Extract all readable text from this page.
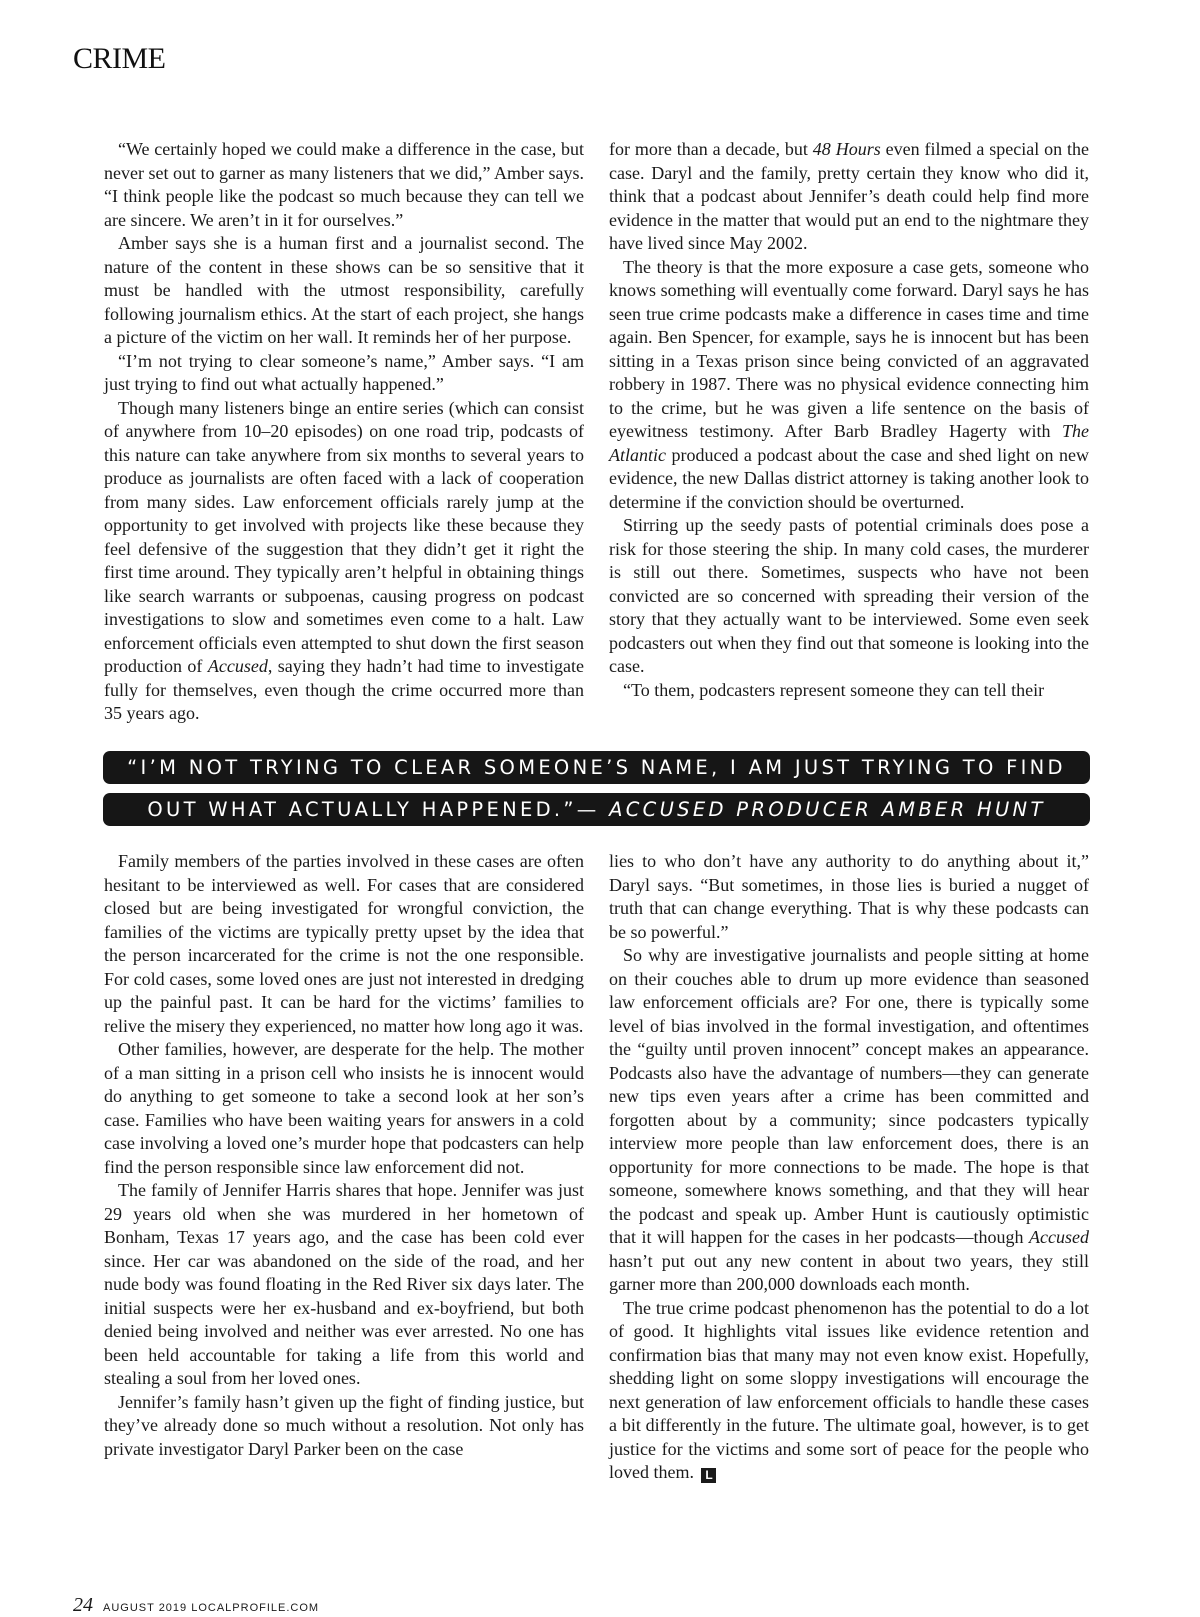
CRIME

“We certainly hoped we could make a difference in the case, but never set out to garner as many listeners that we did,” Amber says. “I think people like the podcast so much because they can tell we are sincere. We aren’t in it for ourselves.”

Amber says she is a human first and a journalist second. The nature of the content in these shows can be so sensitive that it must be handled with the utmost responsibility, carefully following journalism ethics. At the start of each project, she hangs a picture of the victim on her wall. It reminds her of her purpose.

“I’m not trying to clear someone’s name,” Amber says. “I am just trying to find out what actually happened.”

Though many listeners binge an entire series (which can consist of anywhere from 10–20 episodes) on one road trip, podcasts of this nature can take anywhere from six months to several years to produce as journalists are often faced with a lack of cooperation from many sides. Law enforcement officials rarely jump at the opportunity to get involved with projects like these because they feel defensive of the suggestion that they didn’t get it right the first time around. They typically aren’t helpful in obtaining things like search warrants or subpoenas, causing progress on podcast investigations to slow and sometimes even come to a halt. Law enforcement officials even attempted to shut down the first season production of Accused, saying they hadn’t had time to investigate fully for themselves, even though the crime occurred more than 35 years ago.

for more than a decade, but 48 Hours even filmed a special on the case. Daryl and the family, pretty certain they know who did it, think that a podcast about Jennifer’s death could help find more evidence in the matter that would put an end to the nightmare they have lived since May 2002.

The theory is that the more exposure a case gets, someone who knows something will eventually come forward. Daryl says he has seen true crime podcasts make a difference in cases time and time again. Ben Spencer, for example, says he is innocent but has been sitting in a Texas prison since being convicted of an aggravated robbery in 1987. There was no physical evidence connecting him to the crime, but he was given a life sentence on the basis of eyewitness testimony. After Barb Bradley Hagerty with The Atlantic produced a podcast about the case and shed light on new evidence, the new Dallas district attorney is taking another look to determine if the conviction should be overturned.

Stirring up the seedy pasts of potential criminals does pose a risk for those steering the ship. In many cold cases, the murderer is still out there. Sometimes, suspects who have not been convicted are so concerned with spreading their version of the story that they actually want to be interviewed. Some even seek podcasters out when they find out that someone is looking into the case.

“To them, podcasters represent someone they can tell their

“I’M NOT TRYING TO CLEAR SOMEONE’S NAME, I AM JUST TRYING TO FIND
OUT WHAT ACTUALLY HAPPENED.”— ACCUSED PRODUCER AMBER HUNT

Family members of the parties involved in these cases are often hesitant to be interviewed as well. For cases that are considered closed but are being investigated for wrongful conviction, the families of the victims are typically pretty upset by the idea that the person incarcerated for the crime is not the one responsible. For cold cases, some loved ones are just not interested in dredging up the painful past. It can be hard for the victims’ families to relive the misery they experienced, no matter how long ago it was.

Other families, however, are desperate for the help. The mother of a man sitting in a prison cell who insists he is innocent would do anything to get someone to take a second look at her son’s case. Families who have been waiting years for answers in a cold case involving a loved one’s murder hope that podcasters can help find the person responsible since law enforcement did not.

The family of Jennifer Harris shares that hope. Jennifer was just 29 years old when she was murdered in her hometown of Bonham, Texas 17 years ago, and the case has been cold ever since. Her car was abandoned on the side of the road, and her nude body was found floating in the Red River six days later. The initial suspects were her ex-husband and ex-boyfriend, but both denied being involved and neither was ever arrested. No one has been held accountable for taking a life from this world and stealing a soul from her loved ones.

Jennifer’s family hasn’t given up the fight of finding justice, but they’ve already done so much without a resolution. Not only has private investigator Daryl Parker been on the case

lies to who don’t have any authority to do anything about it,” Daryl says. “But sometimes, in those lies is buried a nugget of truth that can change everything. That is why these podcasts can be so powerful.”

So why are investigative journalists and people sitting at home on their couches able to drum up more evidence than seasoned law enforcement officials are? For one, there is typically some level of bias involved in the formal investigation, and oftentimes the “guilty until proven innocent” concept makes an appearance. Podcasts also have the advantage of numbers—they can generate new tips even years after a crime has been committed and forgotten about by a community; since podcasters typically interview more people than law enforcement does, there is an opportunity for more connections to be made. The hope is that someone, somewhere knows something, and that they will hear the podcast and speak up. Amber Hunt is cautiously optimistic that it will happen for the cases in her podcasts—though Accused hasn’t put out any new content in about two years, they still garner more than 200,000 downloads each month.

The true crime podcast phenomenon has the potential to do a lot of good. It highlights vital issues like evidence retention and confirmation bias that many may not even know exist. Hopefully, shedding light on some sloppy investigations will encourage the next generation of law enforcement officials to handle these cases a bit differently in the future. The ultimate goal, however, is to get justice for the victims and some sort of peace for the people who loved them. L

24 AUGUST 2019 LOCALPROFILE.COM
